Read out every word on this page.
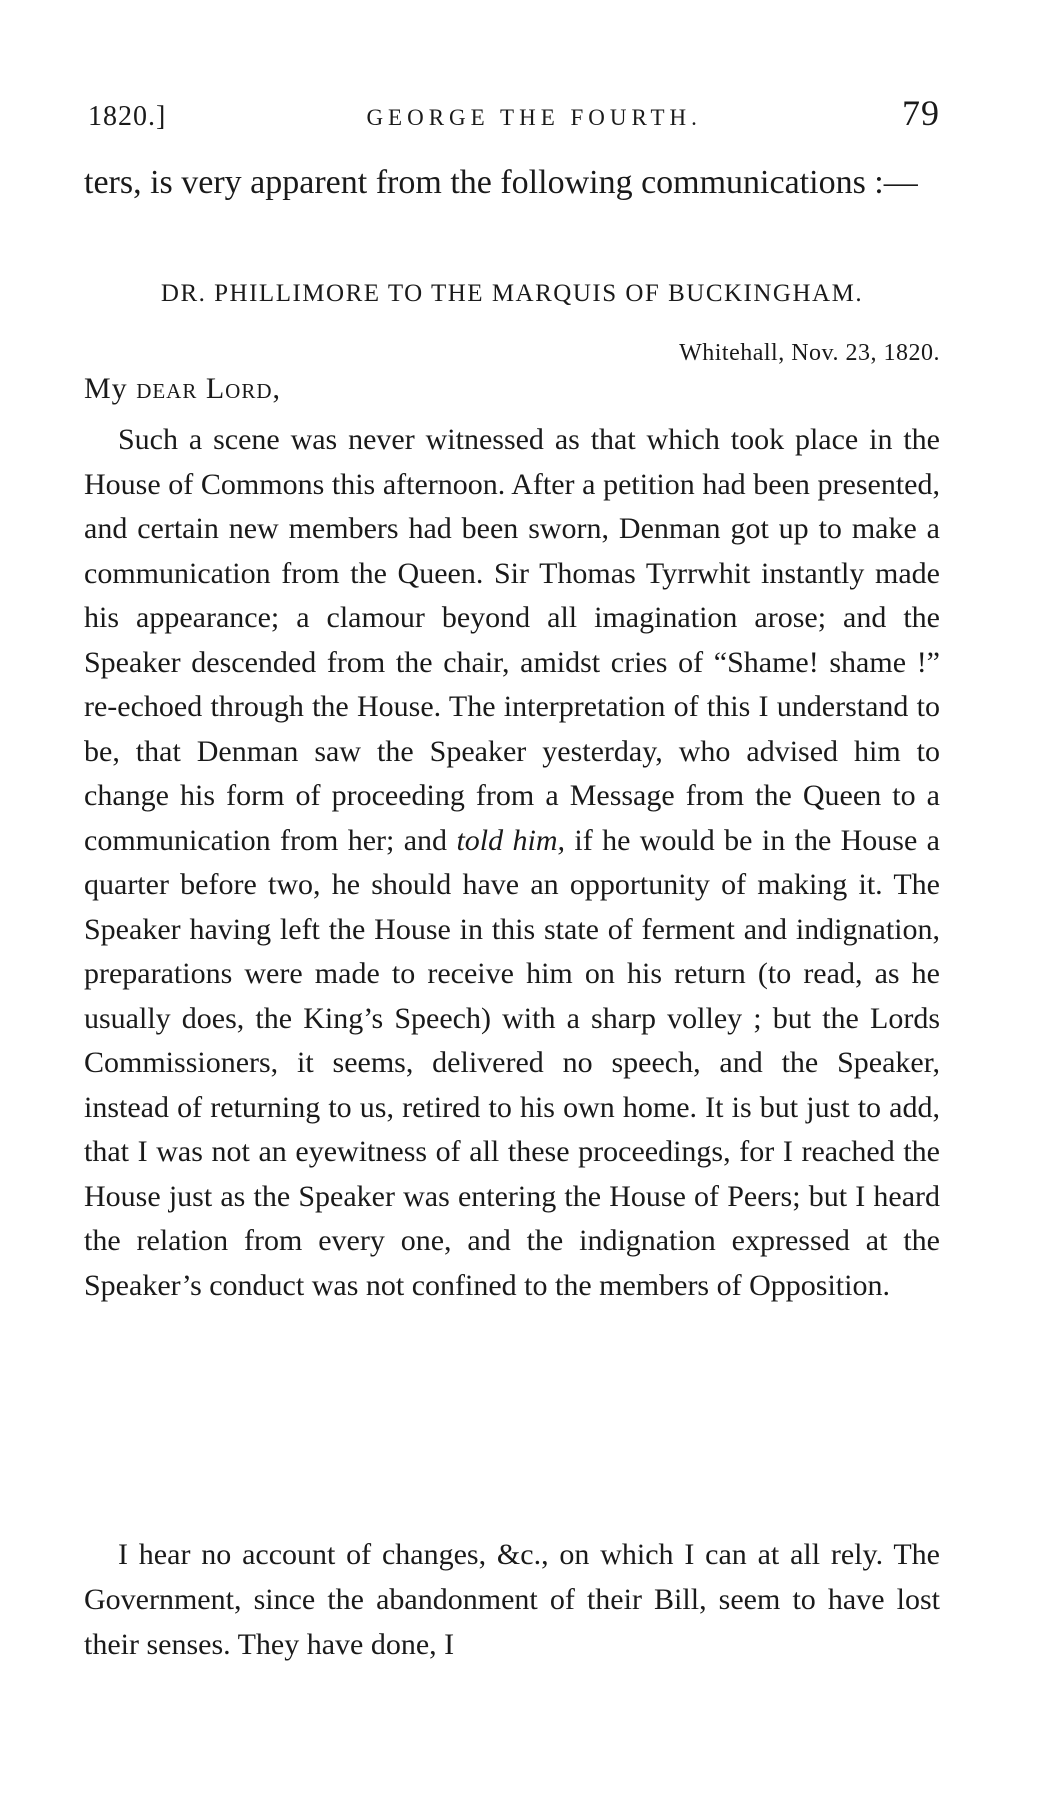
1820.]	GEORGE THE FOURTH.	79

ters, is very apparent from the following communications :—

DR. PHILLIMORE TO THE MARQUIS OF BUCKINGHAM.
Whitehall, Nov. 23, 1820.
My dear Lord,

Such a scene was never witnessed as that which took place in the House of Commons this afternoon. After a petition had been presented, and certain new members had been sworn, Denman got up to make a communication from the Queen. Sir Thomas Tyrrwhit instantly made his appearance; a clamour beyond all imagination arose; and the Speaker descended from the chair, amidst cries of “Shame! shame !” re-echoed through the House. The interpretation of this I understand to be, that Denman saw the Speaker yesterday, who advised him to change his form of proceeding from a Message from the Queen to a communication from her; and told him, if he would be in the House a quarter before two, he should have an opportunity of making it. The Speaker having left the House in this state of ferment and indignation, preparations were made to receive him on his return (to read, as he usually does, the King’s Speech) with a sharp volley ; but the Lords Commissioners, it seems, delivered no speech, and the Speaker, instead of returning to us, retired to his own home. It is but just to add, that I was not an eyewitness of all these proceedings, for I reached the House just as the Speaker was entering the House of Peers; but I heard the relation from every one, and the indignation expressed at the Speaker’s conduct was not confined to the members of Opposition.

I hear no account of changes, &c., on which I can at all rely. The Government, since the abandonment of their Bill, seem to have lost their senses. They have done, I
